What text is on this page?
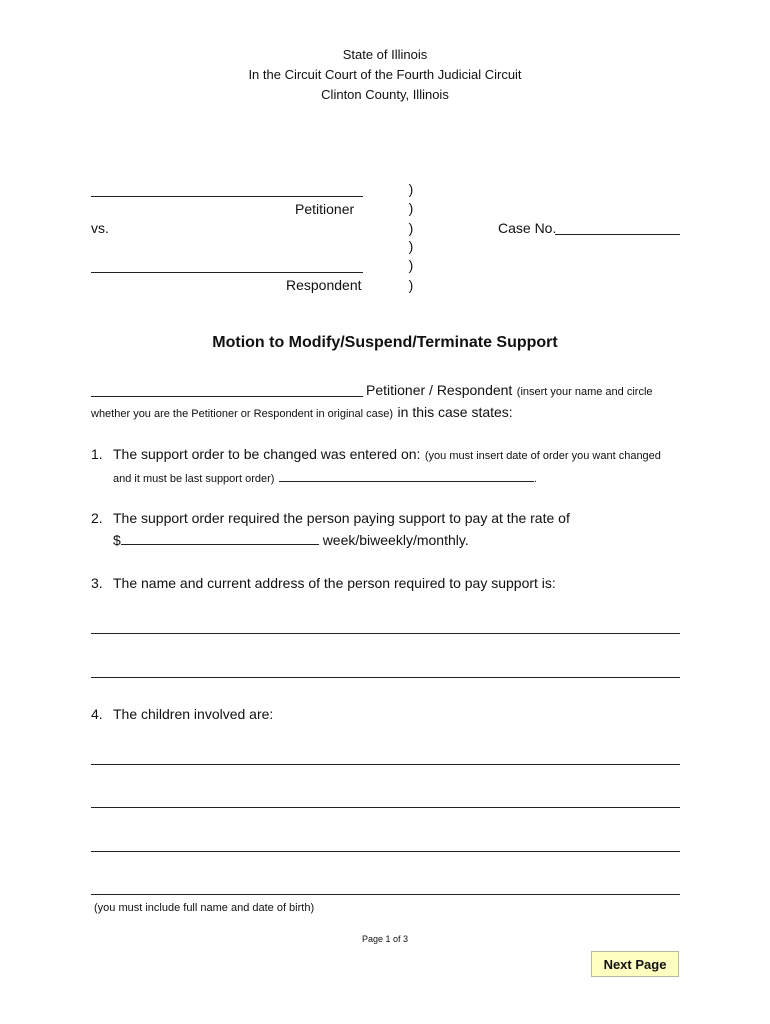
State of Illinois
In the Circuit Court of the Fourth Judicial Circuit
Clinton County, Illinois
Petitioner
vs.
Respondent
)
)
)
)
)
)
Case No.
Motion to Modify/Suspend/Terminate Support
Petitioner / Respondent (insert your name and circle
whether you are the Petitioner or Respondent in original case) in this case states:
1. The support order to be changed was entered on: (you must insert date of order you want changed
and it must be last support order)	.
2. The support order required the person paying support to pay at the rate of
$	week/biweekly/monthly.
3. The name and current address of the person required to pay support is:
4. The children involved are:
(you must include full name and date of birth)
Page 1 of 3
Next Page
